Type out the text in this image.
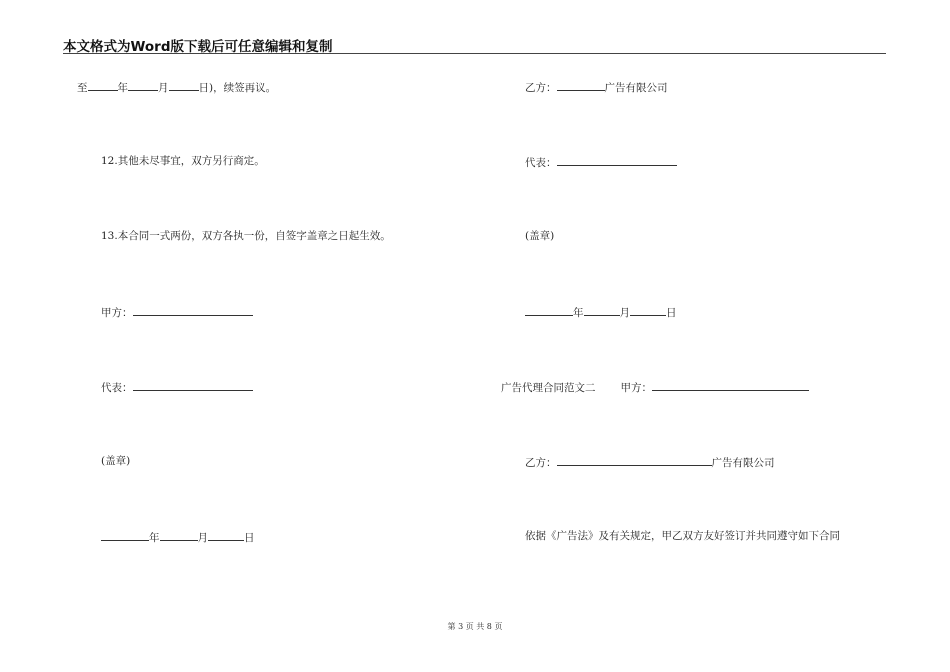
本文格式为Word版下载后可任意编辑和复制
至	年	月	日)，续签再议。
12.其他未尽事宜，双方另行商定。
13.本合同一式两份，双方各执一份，自签字盖章之日起生效。
甲方：
代表：
(盖章)
年	月	日
乙方：	广告有限公司
代表：
(盖章)
年	月	日
广告代理合同范文二 甲方：
乙方：	广告有限公司
依据《广告法》及有关规定，甲乙双方友好签订并共同遵守如下合同
第 3 页 共 8 页
